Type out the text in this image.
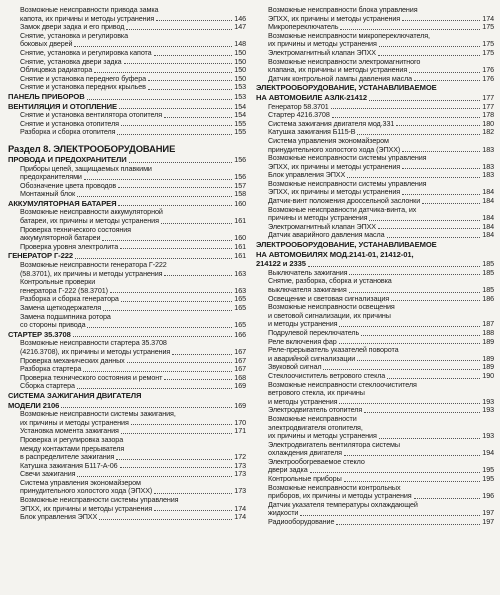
Возможные неисправности привода замка
капота, их причины и методы устранения	146
Замок двери задка и его привод	147
Снятие, установка и регулировка
боковых дверей	148
Снятие, установка и регулировка капота	150
Снятие, установка двери задка	150
Облицовка радиатора	150
Снятие и установка переднего буфера	150
Снятие и установка передних крыльев	153
ПАНЕЛЬ ПРИБОРОВ	153
ВЕНТИЛЯЦИЯ И ОТОПЛЕНИЕ	154
Снятие и установка вентилятора отопителя	154
Снятие и установка отопителя	155
Разборка и сборка отопителя	155
Раздел 8. ЭЛЕКТРООБОРУДОВАНИЕ
ПРОВОДА И ПРЕДОХРАНИТЕЛИ	156
Приборы цепей, защищаемых плавкими
предохранителями	156
Обозначение цвета проводов	157
Монтажный блок	158
АККУМУЛЯТОРНАЯ БАТАРЕЯ	160
Возможные неисправности аккумуляторной
батареи, их причины и методы устранения	161
Проверка технического состояния
аккумуляторной батареи	160
Проверка уровня электролита	161
ГЕНЕРАТОР Г-222	161
Возможные неисправности генератора Г-222
(58.3701), их причины и методы устранения	163
Контрольные проверки
генератора Г-222 (58.3701)	163
Разборка и сборка генератора	165
Замена щеткодержателя	165
Замена подшипника ротора
со стороны привода	165
СТАРТЕР 35.3708	166
Возможные неисправности стартера 35.3708
(4216.3708), их причины и методы устранения	167
Проверка механических данных	167
Разборка стартера	167
Проверка технического состояния и ремонт	168
Сборка стартера	169
СИСТЕМА ЗАЖИГАНИЯ ДВИГАТЕЛЯ
МОДЕЛИ 2106	169
Возможные неисправности системы зажигания,
их причины и методы устранения	170
Установка момента зажигания	171
Проверка и регулировка зазора
между контактами прерывателя
в распределителе зажигания	172
Катушка зажигания Б117-А-06	173
Свечи зажигания	173
Система управления экономайзером
принудительного холостого хода (ЭПХХ)	173
Возможные неисправности системы управления
ЭПХХ, их причины и методы устранения	174
Блок управления ЭПХХ	174
Возможные неисправности блока управления
ЭПХХ, их причины и методы устранения	174
Микропереключатель	175
Возможные неисправности микропереключателя,
их причины и методы устранения	175
Электромагнитный клапан ЭПХХ	175
Возможные неисправности электромагнитного
клапана, их причины и методы устранения	176
Датчик контрольной лампы давления масла	176
ЭЛЕКТРООБОРУДОВАНИЕ, УСТАНАВЛИВАЕМОЕ
НА АВТОМОБИЛЕ АЗЛК-21412	177
Генератор 58.3701	177
Стартер 4216.3708	178
Система зажигания двигателя мод.331	180
Катушка зажигания Б115-В	182
Система управления экономайзером
принудительного холостого хода (ЭПХХ)	183
Возможные неисправности системы управления
ЭПХХ, их причины и методы устранения	183
Блок управления ЭПХХ	183
Возможные неисправности системы управления
ЭПХХ, их причины и методы устранения	184
Датчик-винт положения дроссельной заслонки	184
Возможные неисправности датчика-винта, их
причины и методы устранения	184
Электромагнитный клапан ЭПХХ	184
Датчик аварийного давления масла	184
ЭЛЕКТРООБОРУДОВАНИЕ, УСТАНАВЛИВАЕМОЕ
НА АВТОМОБИЛЯХ МОД.2141-01, 21412-01,
214122 и 2335	185
Выключатель зажигания	185
Снятие, разборка, сборка и установка
выключателя зажигания	185
Освещение и световая сигнализация	186
Возможные неисправности освещения
и световой сигнализации, их причины
и методы устранения	187
Подрулевой переключатель	188
Реле включения фар	189
Реле-прерыватель указателей поворота
и аварийной сигнализации	189
Звуковой сигнал	189
Стеклоочиститель ветрового стекла	190
Возможные неисправности стеклоочистителя
ветрового стекла, их причины
и методы устранения	193
Электродвигатель отопителя	193
Возможные неисправности
электродвигателя отопителя,
их причины и методы устранения	193
Электродвигатель вентилятора системы
охлаждения двигателя	194
Электрообогреваемое стекло
двери задка	195
Контрольные приборы	195
Возможные неисправности контрольных
приборов, их причины и методы устранения	196
Датчик указателя температуры охлаждающей
жидкости	197
Радиооборудование	197
